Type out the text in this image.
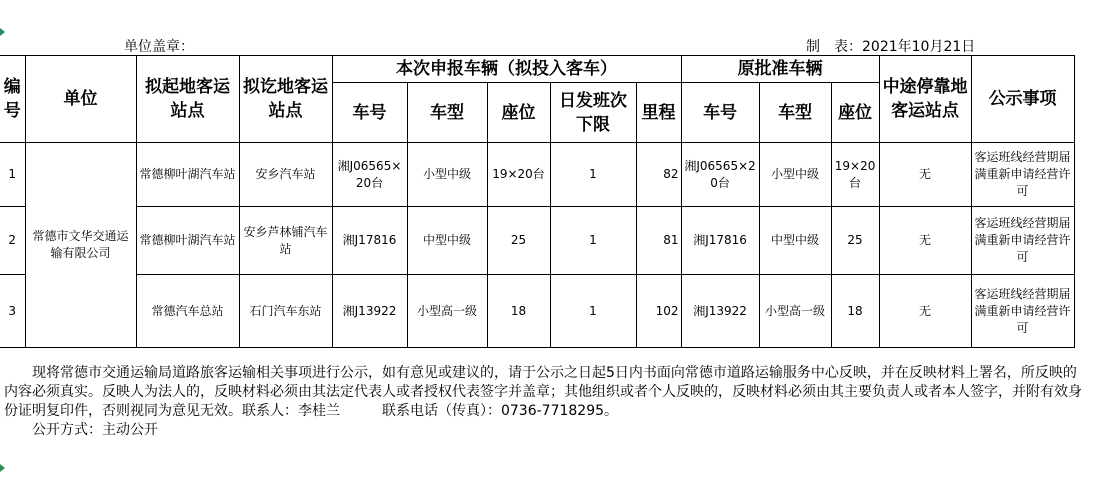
单位盖章：	制　表：2021年10月21日
编号	单位	拟起地客运站点	拟讫地客运站点	本次申报车辆（拟投入客车）					原批准车辆			中途停靠地客运站点	公示事项
				车号	车型	座位	日发班次下限	里程	车号	车型	座位		
1	常德市文华交通运输有限公司	常德柳叶湖汽车站	安乡汽车站	湘J06565×20台	小型中级	19×20台	1	82	湘J06565×20台	小型中级	19×20台	无	客运班线经营期届满重新申请经营许可
2		常德柳叶湖汽车站	安乡芦林铺汽车站	湘J17816	中型中级	25	1	81	湘J17816	中型中级	25	无	客运班线经营期届满重新申请经营许可
3		常德汽车总站	石门汽车东站	湘J13922	小型高一级	18	1	102	湘J13922	小型高一级	18	无	客运班线经营期届满重新申请经营许可

现将常德市交通运输局道路旅客运输相关事项进行公示，如有意见或建议的，请于公示之日起5日内书面向常德市道路运输服务中心反映，并在反映材料上署名，所反映的内容必须真实。反映人为法人的，反映材料必须由其法定代表人或者授权代表签字并盖章；其他组织或者个人反映的，反映材料必须由其主要负责人或者本人签字，并附有效身份证明复印件，否则视同为意见无效。联系人：李桂兰　　　联系电话（传真）：0736-7718295。

公开方式：主动公开
